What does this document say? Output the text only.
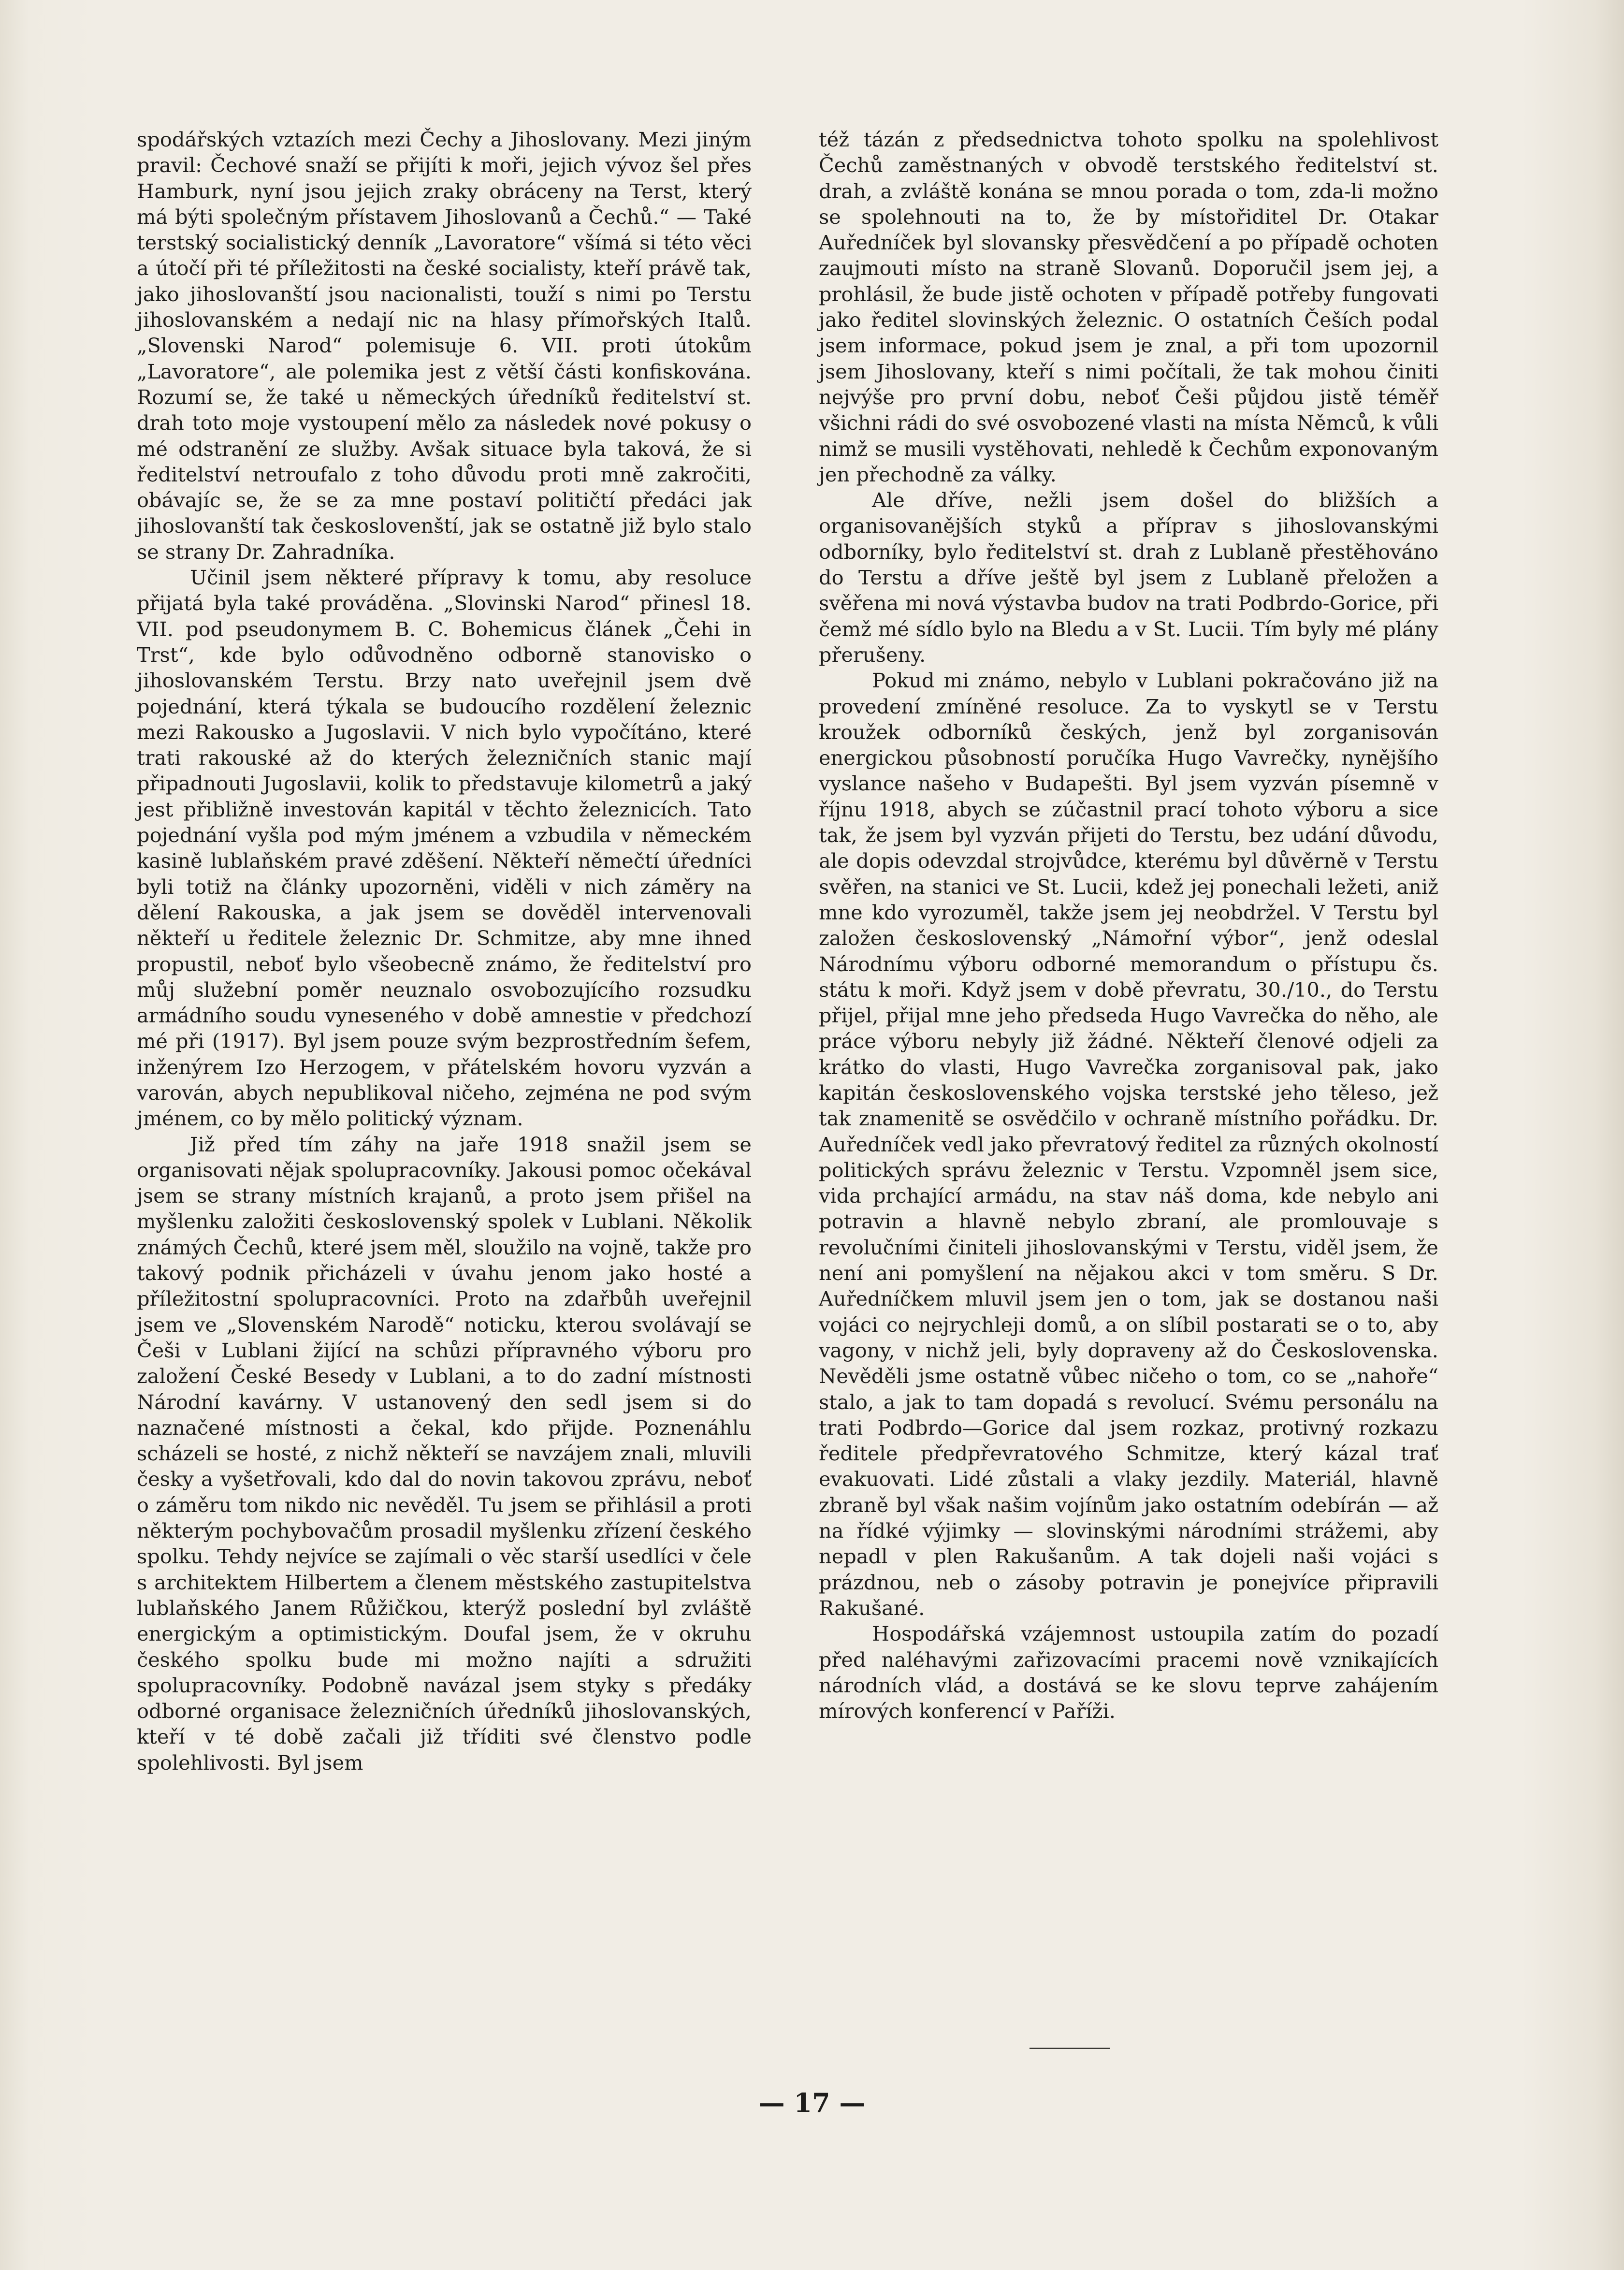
spodářských vztazích mezi Čechy a Jihoslovany. Mezi jiným pravil: Čechové snaží se přijíti k moři, jejich vývoz šel přes Hamburk, nyní jsou jejich zraky obráceny na Terst, který má býti společným přístavem Jihoslovanů a Čechů.“ — Také terstský socialistický denník „Lavoratore“ všímá si této věci a útočí při té příležitosti na české socialisty, kteří právě tak, jako jihoslovanští jsou nacionalisti, touží s nimi po Terstu jihoslovanském a nedají nic na hlasy přímořských Italů. „Slovenski Narod“ polemisuje 6. VII. proti útokům „Lavoratore“, ale polemika jest z větší části konfiskována. Rozumí se, že také u německých úředníků ředitelství st. drah toto moje vystoupení mělo za následek nové pokusy o mé odstranění ze služby. Avšak situace byla taková, že si ředitelství netroufalo z toho důvodu proti mně zakročiti, obávajíc se, že se za mne postaví političtí předáci jak jihoslovanští tak českoslovenští, jak se ostatně již bylo stalo se strany Dr. Zahradníka.

Učinil jsem některé přípravy k tomu, aby resoluce přijatá byla také prováděna. „Slovinski Narod“ přinesl 18. VII. pod pseudonymem B. C. Bohemicus článek „Čehi in Trst“, kde bylo odůvodněno odborně stanovisko o jihoslovanském Terstu. Brzy nato uveřejnil jsem dvě pojednání, která týkala se budoucího rozdělení železnic mezi Rakousko a Jugoslavii. V nich bylo vypočítáno, které trati rakouské až do kterých železničních stanic mají připadnouti Jugoslavii, kolik to představuje kilometrů a jaký jest přibližně investován kapitál v těchto železnicích. Tato pojednání vyšla pod mým jménem a vzbudila v německém kasině lublaňském pravé zděšení. Někteří němečtí úředníci byli totiž na články upozorněni, viděli v nich záměry na dělení Rakouska, a jak jsem se dověděl intervenovali někteří u ředitele železnic Dr. Schmitze, aby mne ihned propustil, neboť bylo všeobecně známo, že ředitelství pro můj služební poměr neuznalo osvobozujícího rozsudku armádního soudu vyneseného v době amnestie v předchozí mé při (1917). Byl jsem pouze svým bezprostředním šefem, inženýrem Izo Herzogem, v přátelském hovoru vyzván a varován, abych nepublikoval ničeho, zejména ne pod svým jménem, co by mělo politický význam.

Již před tím záhy na jaře 1918 snažil jsem se organisovati nějak spolupracovníky. Jakousi pomoc očekával jsem se strany místních krajanů, a proto jsem přišel na myšlenku založiti československý spolek v Lublani. Několik známých Čechů, které jsem měl, sloužilo na vojně, takže pro takový podnik přicházeli v úvahu jenom jako hosté a příležitostní spolupracovníci. Proto na zdařbůh uveřejnil jsem ve „Slovenském Narodě“ noticku, kterou svolávají se Češi v Lublani žijící na schůzi přípravného výboru pro založení České Besedy v Lublani, a to do zadní místnosti Národní kavárny. V ustanovený den sedl jsem si do naznačené místnosti a čekal, kdo přijde. Poznenáhlu scházeli se hosté, z nichž někteří se navzájem znali, mluvili česky a vyšetřovali, kdo dal do novin takovou zprávu, neboť o záměru tom nikdo nic nevěděl. Tu jsem se přihlásil a proti některým pochybovačům prosadil myšlenku zřízení českého spolku. Tehdy nejvíce se zajímali o věc starší usedlíci v čele s architektem Hilbertem a členem městského zastupitelstva lublaňského Janem Růžičkou, kterýž poslední byl zvláště energickým a optimistickým. Doufal jsem, že v okruhu českého spolku bude mi možno najíti a sdružiti spolupracovníky. Podobně navázal jsem styky s předáky odborné organisace železničních úředníků jihoslovanských, kteří v té době začali již tříditi své členstvo podle spolehlivosti. Byl jsem

též tázán z předsednictva tohoto spolku na spolehlivost Čechů zaměstnaných v obvodě terstského ředitelství st. drah, a zvláště konána se mnou porada o tom, zda-li možno se spolehnouti na to, že by místořiditel Dr. Otakar Auředníček byl slovansky přesvědčení a po případě ochoten zaujmouti místo na straně Slovanů. Doporučil jsem jej, a prohlásil, že bude jistě ochoten v případě potřeby fungovati jako ředitel slovinských železnic. O ostatních Češích podal jsem informace, pokud jsem je znal, a při tom upozornil jsem Jihoslovany, kteří s nimi počítali, že tak mohou činiti nejvýše pro první dobu, neboť Češi půjdou jistě téměř všichni rádi do své osvobozené vlasti na místa Němců, k vůli nimž se musili vystěhovati, nehledě k Čechům exponovaným jen přechodně za války.

Ale dříve, nežli jsem došel do bližších a organisovanějších styků a příprav s jihoslovanskými odborníky, bylo ředitelství st. drah z Lublaně přestěhováno do Terstu a dříve ještě byl jsem z Lublaně přeložen a svěřena mi nová výstavba budov na trati Podbrdo-Gorice, při čemž mé sídlo bylo na Bledu a v St. Lucii. Tím byly mé plány přerušeny.

Pokud mi známo, nebylo v Lublani pokračováno již na provedení zmíněné resoluce. Za to vyskytl se v Terstu kroužek odborníků českých, jenž byl zorganisován energickou působností poručíka Hugo Vavrečky, nynějšího vyslance našeho v Budapešti. Byl jsem vyzván písemně v říjnu 1918, abych se zúčastnil prací tohoto výboru a sice tak, že jsem byl vyzván přijeti do Terstu, bez udání důvodu, ale dopis odevzdal strojvůdce, kterému byl důvěrně v Terstu svěřen, na stanici ve St. Lucii, kdež jej ponechali ležeti, aniž mne kdo vyrozuměl, takže jsem jej neobdržel. V Terstu byl založen československý „Námořní výbor“, jenž odeslal Národnímu výboru odborné memorandum o přístupu čs. státu k moři. Když jsem v době převratu, 30./10., do Terstu přijel, přijal mne jeho předseda Hugo Vavrečka do něho, ale práce výboru nebyly již žádné. Někteří členové odjeli za krátko do vlasti, Hugo Vavrečka zorganisoval pak, jako kapitán československého vojska terstské jeho těleso, jež tak znamenitě se osvědčilo v ochraně místního pořádku. Dr. Auředníček vedl jako převratový ředitel za různých okolností politických správu železnic v Terstu. Vzpomněl jsem sice, vida prchající armádu, na stav náš doma, kde nebylo ani potravin a hlavně nebylo zbraní, ale promlouvaje s revolučními činiteli jihoslovanskými v Terstu, viděl jsem, že není ani pomyšlení na nějakou akci v tom směru. S Dr. Auředníčkem mluvil jsem jen o tom, jak se dostanou naši vojáci co nejrychleji domů, a on slíbil postarati se o to, aby vagony, v nichž jeli, byly dopraveny až do Československa. Nevěděli jsme ostatně vůbec ničeho o tom, co se „nahoře“ stalo, a jak to tam dopadá s revolucí. Svému personálu na trati Podbrdo—Gorice dal jsem rozkaz, protivný rozkazu ředitele předpřevratového Schmitze, který kázal trať evakuovati. Lidé zůstali a vlaky jezdily. Materiál, hlavně zbraně byl však našim vojínům jako ostatním odebírán — až na řídké výjimky — slovinskými národními strážemi, aby nepadl v plen Rakušanům. A tak dojeli naši vojáci s prázdnou, neb o zásoby potravin je ponejvíce připravili Rakušané.

Hospodářská vzájemnost ustoupila zatím do pozadí před naléhavými zařizovacími pracemi nově vznikajících národních vlád, a dostává se ke slovu teprve zahájením mírových konferencí v Paříži.

— 17 —
